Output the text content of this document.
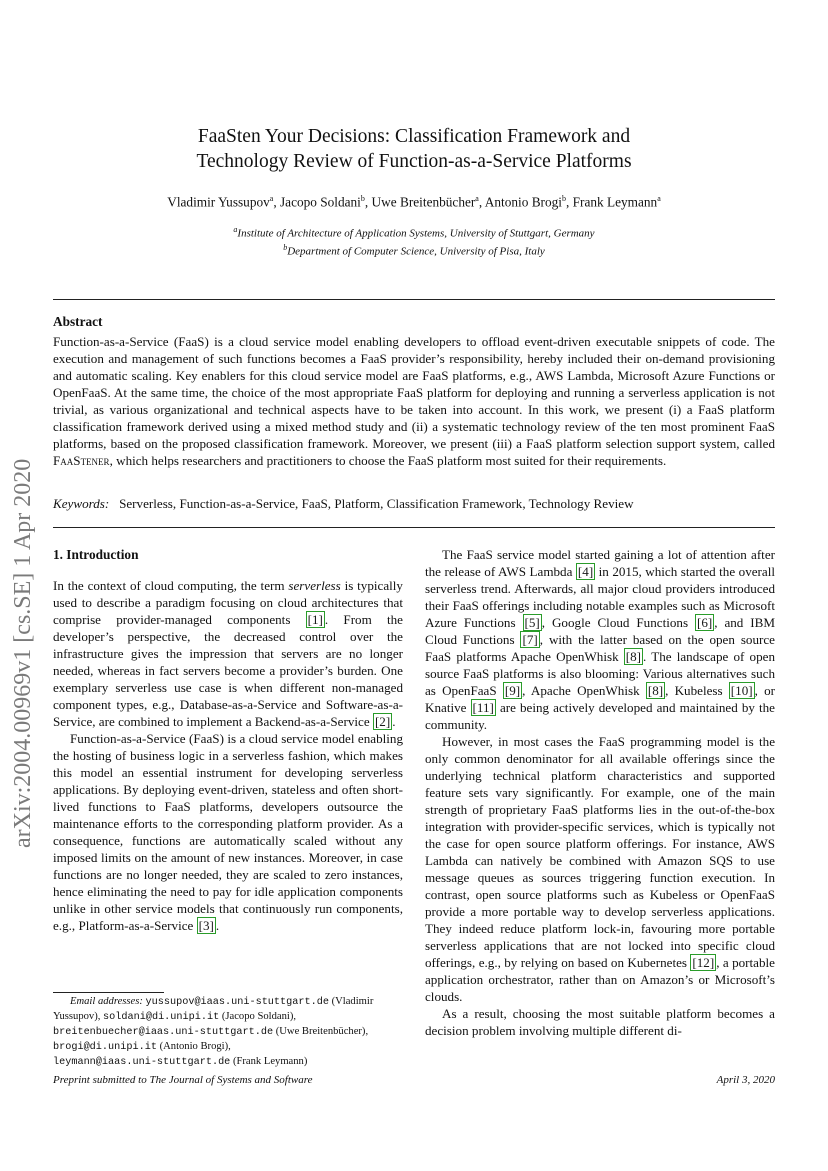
arXiv:2004.00969v1 [cs.SE] 1 Apr 2020
FaaSten Your Decisions: Classification Framework and
Technology Review of Function-as-a-Service Platforms
Vladimir Yussupov$^a$, Jacopo Soldani$^b$, Uwe Breitenbücher$^a$, Antonio Brogi$^b$, Frank Leymann$^a$
$^a$Institute of Architecture of Application Systems, University of Stuttgart, Germany
$^b$Department of Computer Science, University of Pisa, Italy
Abstract
Function-as-a-Service (FaaS) is a cloud service model enabling developers to offload event-driven executable snippets of code. The execution and management of such functions becomes a FaaS provider’s responsibility, hereby included their on-demand provisioning and automatic scaling. Key enablers for this cloud service model are FaaS platforms, e.g., AWS Lambda, Microsoft Azure Functions or OpenFaaS. At the same time, the choice of the most appropriate FaaS platform for deploying and running a serverless application is not trivial, as various organizational and technical aspects have to be taken into account. In this work, we present (i) a FaaS platform classification framework derived using a mixed method study and (ii) a systematic technology review of the ten most prominent FaaS platforms, based on the proposed classification framework. Moreover, we present (iii) a FaaS platform selection support system, called FaaStener, which helps researchers and practitioners to choose the FaaS platform most suited for their requirements.
Keywords: Serverless, Function-as-a-Service, FaaS, Platform, Classification Framework, Technology Review
1. Introduction

In the context of cloud computing, the term serverless is typically used to describe a paradigm focusing on cloud architectures that comprise provider-managed components [1] . From the developer’s perspective, the decreased control over the infrastructure gives the impression that servers are no longer needed, whereas in fact servers become a provider’s burden. One exemplary serverless use case is when different non-managed component types, e.g., Database-as-a-Service and Software-as-a-Service, are combined to implement a Backend-as-a-Service [2] .

Function-as-a-Service (FaaS) is a cloud service model enabling the hosting of business logic in a serverless fashion, which makes this model an essential instrument for developing serverless applications. By deploying event-driven, stateless and often short-lived functions to FaaS platforms, developers outsource the maintenance efforts to the corresponding platform provider. As a consequence, functions are automatically scaled without any imposed limits on the amount of new instances. Moreover, in case functions are no longer needed, they are scaled to zero instances, hence eliminating the need to pay for idle application components unlike in other service models that continuously run components, e.g., Platform-as-a-Service [3] .

The FaaS service model started gaining a lot of attention after the release of AWS Lambda [4] in 2015, which started the overall serverless trend. Afterwards, all major cloud providers introduced their FaaS offerings including notable examples such as Microsoft Azure Functions [5] , Google Cloud Functions [6] , and IBM Cloud Functions [7] , with the latter based on the open source FaaS platforms Apache OpenWhisk [8] . The landscape of open source FaaS platforms is also blooming: Various alternatives such as OpenFaaS [9] , Apache OpenWhisk [8] , Kubeless [10] , or Knative [11] are being actively developed and maintained by the community.

However, in most cases the FaaS programming model is the only common denominator for all available offerings since the underlying technical platform characteristics and supported feature sets vary significantly. For example, one of the main strength of proprietary FaaS platforms lies in the out-of-the-box integration with provider-specific services, which is typically not the case for open source platform offerings. For instance, AWS Lambda can natively be combined with Amazon SQS to use message queues as sources triggering function execution. In contrast, open source platforms such as Kubeless or OpenFaaS provide a more portable way to develop serverless applications. They indeed reduce platform lock-in, favouring more portable serverless applications that are not locked into specific cloud offerings, e.g., by relying on based on Kubernetes [12] , a portable application orchestrator, rather than on Amazon’s or Microsoft’s clouds.

As a result, choosing the most suitable platform becomes a decision problem involving multiple different di-

Email addresses: yussupov@iaas.uni-stuttgart.de (Vladimir Yussupov), soldani@di.unipi.it (Jacopo Soldani),
breitenbuecher@iaas.uni-stuttgart.de (Uwe Breitenbücher),
brogi@di.unipi.it (Antonio Brogi),
leymann@iaas.uni-stuttgart.de (Frank Leymann)
Preprint submitted to The Journal of Systems and Software	April 3, 2020
